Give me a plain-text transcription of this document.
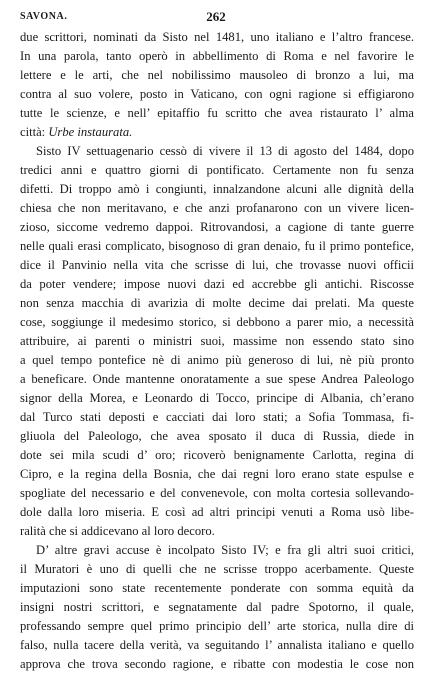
SAVONA.	262
due scrittori, nominati da Sisto nel 1481, uno italiano e l’altro francese.
In una parola, tanto operò in abbellimento di Roma e nel favorire le
lettere e le arti, che nel nobilissimo mausoleo di bronzo a lui, ma
contra al suo volere, posto in Vaticano, con ogni ragione si effigiarono
tutte le scienze, e nell’ epitaffio fu scritto che avea ristaurato l’ alma
città: Urbe instaurata.
Sisto IV settuagenario cessò di vivere il 13 di agosto del 1484, dopo
tredici anni e quattro giorni di pontificato. Certamente non fu senza
difetti. Di troppo amò i congiunti, innalzandone alcuni alle dignità della
chiesa che non meritavano, e che anzi profanarono con un vivere licen-
zioso, siccome vedremo dappoi. Ritrovandosi, a cagione di tante guerre
nelle quali erasi complicato, bisognoso di gran denaio, fu il primo pontefice,
dice il Panvinio nella vita che scrisse di lui, che trovasse nuovi officii
da poter vendere; impose nuovi dazi ed accrebbe gli antichi. Riscosse
non senza macchia di avarizia di molte decime dai prelati. Ma queste
cose, soggiunge il medesimo storico, si debbono a parer mio, a necessità
attribuire, ai parenti o ministri suoi, massime non essendo stato sino
a quel tempo pontefice nè di animo più generoso di lui, nè più pronto
a beneficare. Onde mantenne onoratamente a sue spese Andrea Paleologo
signor della Morea, e Leonardo di Tocco, principe di Albania, ch’erano
dal Turco stati deposti e cacciati dai loro stati; a Sofia Tommasa, fi-
gliuola del Paleologo, che avea sposato il duca di Russia, diede in
dote sei mila scudi d’ oro; ricoverò benignamente Carlotta, regina di
Cipro, e la regina della Bosnia, che dai regni loro erano state espulse e
spogliate del necessario e del convenevole, con molta cortesia sollevando-
dole dalla loro miseria. E così ad altri principi venuti a Roma usò libe-
ralità che si addicevano al loro decoro.
D’ altre gravi accuse è incolpato Sisto IV; e fra gli altri suoi critici,
il Muratori è uno di quelli che ne scrisse troppo acerbamente. Queste
imputazioni sono state recentemente ponderate con somma equità da
insigni nostri scrittori, e segnatamente dal padre Spotorno, il quale,
professando sempre quel primo principio dell’ arte storica, nulla dire di
falso, nulla tacere della verità, va seguitando l’ annalista italiano e quello
approva che trova secondo ragione, e ribatte con modestia le cose non
